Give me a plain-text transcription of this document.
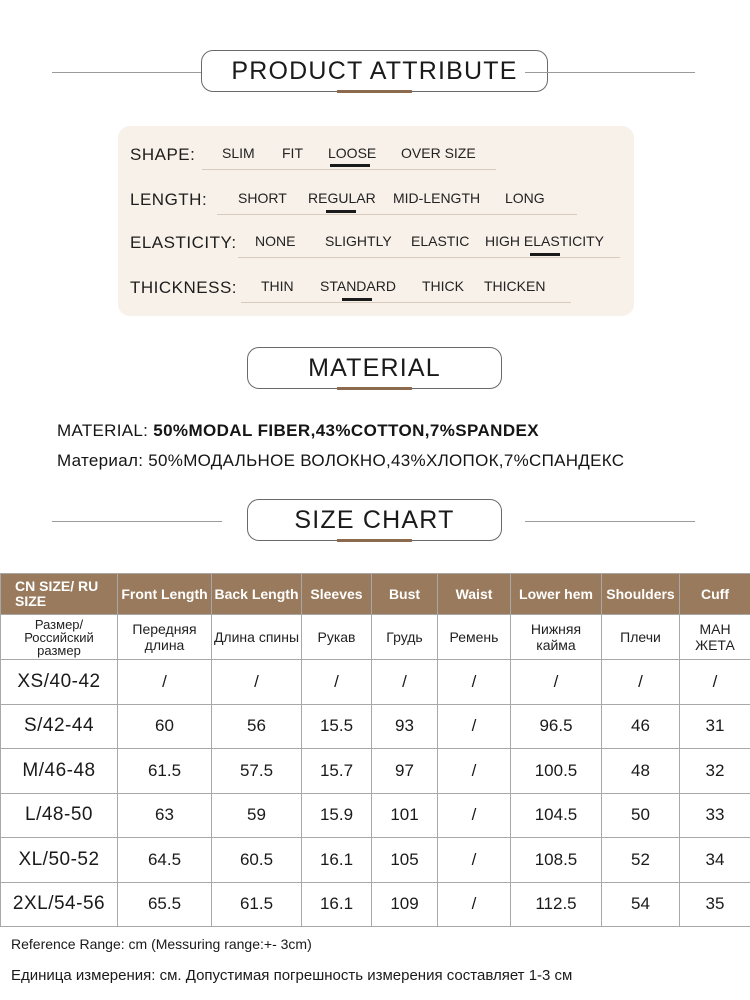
PRODUCT ATTRIBUTE
SHAPE: SLIM FIT LOOSE OVER SIZE
LENGTH: SHORT REGULAR MID-LENGTH LONG
ELASTICITY: NONE SLIGHTLY ELASTIC HIGH ELASTICITY
THICKNESS: THIN STANDARD THICK THICKEN
MATERIAL
MATERIAL: 50%MODAL FIBER,43%COTTON,7%SPANDEX
Материал: 50%МОДАЛЬНОЕ ВОЛОКНО,43%ХЛОПОК,7%СПАНДЕКС
SIZE CHART
CN SIZE/ RU SIZE	Front Length	Back Length	Sleeves	Bust	Waist	Lower hem	Shoulders	Cuff
Размер/ Российский размер	Передняя длина	Длина спины	Рукав	Грудь	Ремень	Нижняя кайма	Плечи	МАН ЖЕТА
XS/40-42	/	/	/	/	/	/	/	/
S/42-44	60	56	15.5	93	/	96.5	46	31
M/46-48	61.5	57.5	15.7	97	/	100.5	48	32
L/48-50	63	59	15.9	101	/	104.5	50	33
XL/50-52	64.5	60.5	16.1	105	/	108.5	52	34
2XL/54-56	65.5	61.5	16.1	109	/	112.5	54	35
Reference Range: cm (Messuring range:+- 3cm)
Единица измерения: см. Допустимая погрешность измерения составляет 1-3 см
